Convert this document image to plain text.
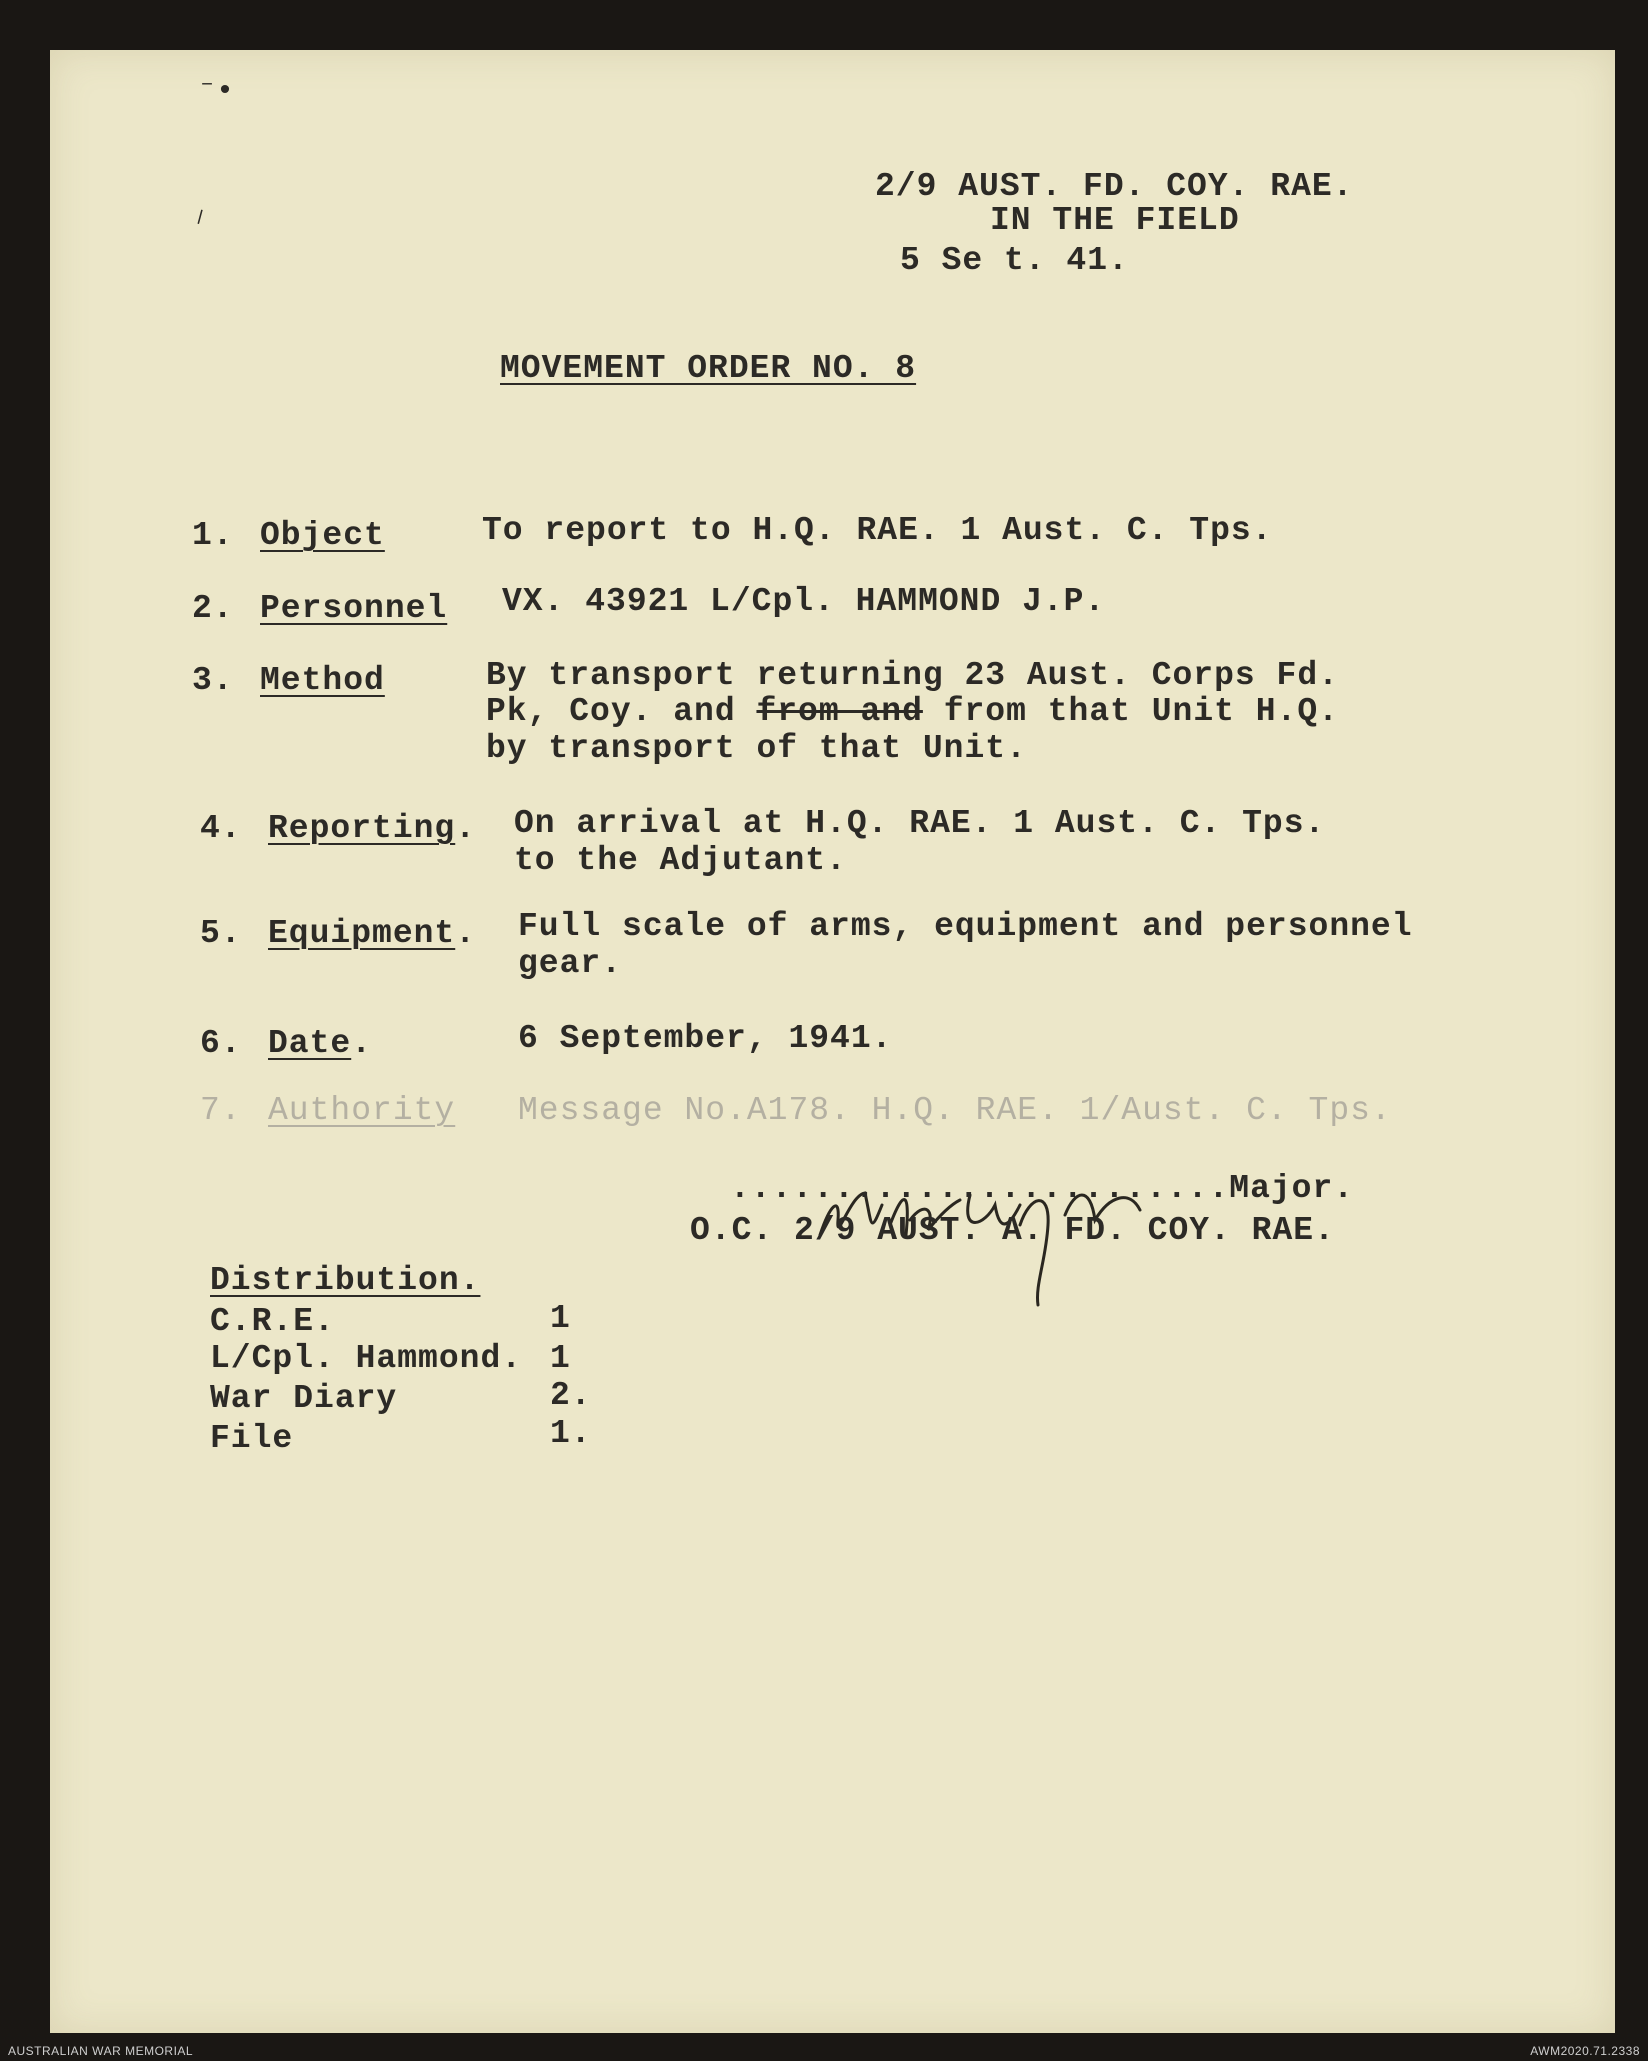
⁻•
⸍
2/9 AUST. FD. COY. RAE.
IN THE FIELD
5 Se t. 41.
MOVEMENT ORDER NO. 8
1. Object	To report to H.Q. RAE. 1 Aust. C. Tps.
2. Personnel VX. 43921 L/Cpl. HAMMOND J.P.
3. Method	By transport returning 23 Aust. Corps Fd.
Pk, Coy. and from and from that Unit H.Q.
by transport of that Unit.
4. Reporting. On arrival at H.Q. RAE. 1 Aust. C. Tps.
to the Adjutant.
5. Equipment. Full scale of arms, equipment and personnel
gear.
6. Date.	6 September, 1941.
7. Authority Message No.A178. H.Q. RAE. 1/Aust. C. Tps.
........................Major.
O.C. 2/9 AUST. A. FD. COY. RAE.
Distribution.
C.R.E.	1
L/Cpl. Hammond. 1
War Diary	2.
File	1.
AUSTRALIAN WAR MEMORIAL	AWM2020.71.2338
